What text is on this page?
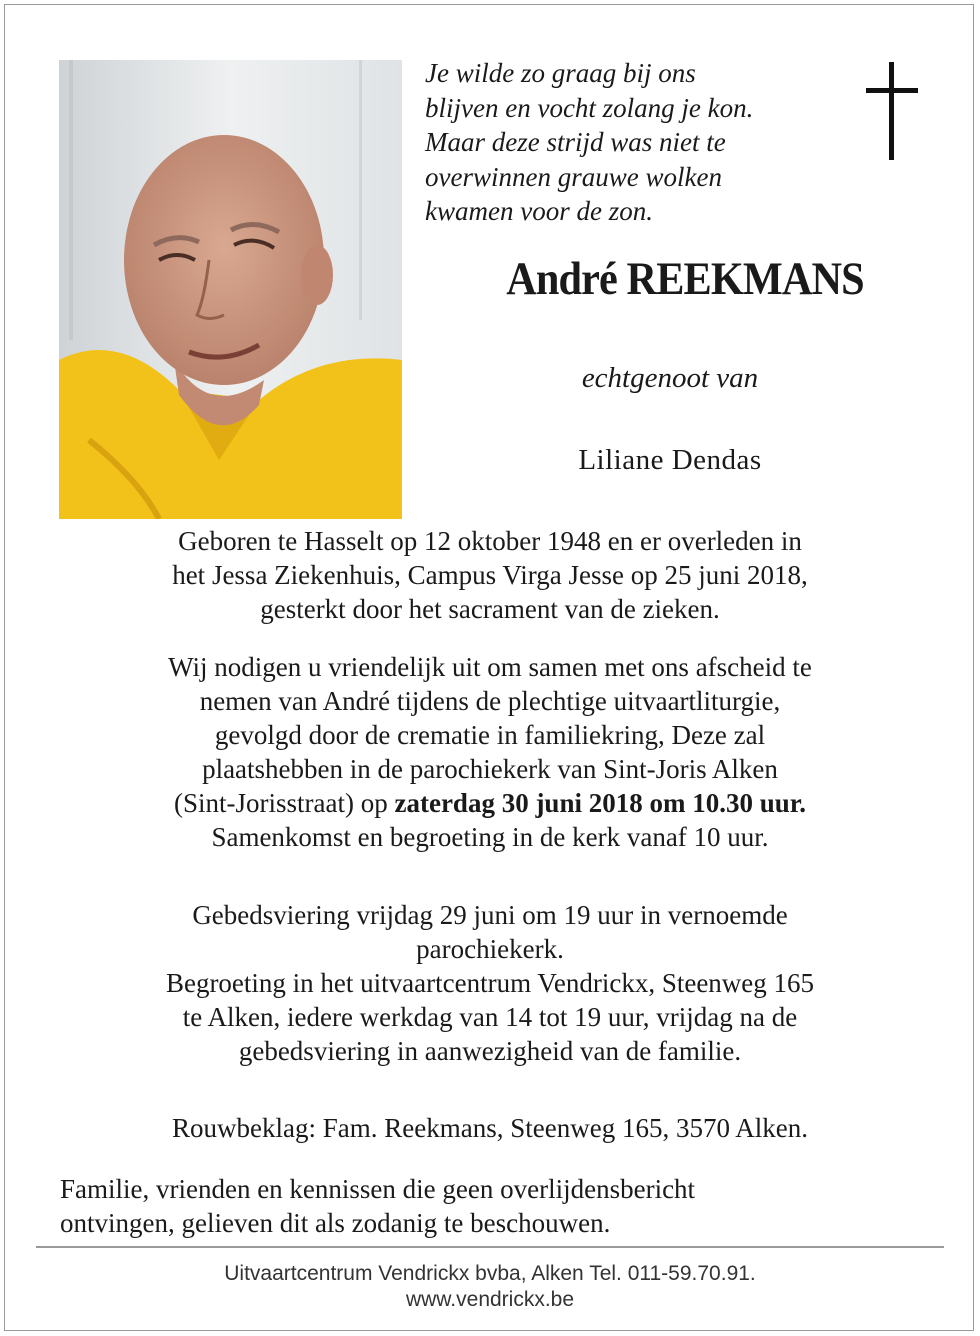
Je wilde zo graag bij ons
blijven en vocht zolang je kon.
Maar deze strijd was niet te
overwinnen grauwe wolken
kwamen voor de zon.
André REEKMANS
echtgenoot van
Liliane Dendas
Geboren te Hasselt op 12 oktober 1948 en er overleden in
het Jessa Ziekenhuis, Campus Virga Jesse op 25 juni 2018,
gesterkt door het sacrament van de zieken.
Wij nodigen u vriendelijk uit om samen met ons afscheid te
nemen van André tijdens de plechtige uitvaartliturgie,
gevolgd door de crematie in familiekring, Deze zal
plaatshebben in de parochiekerk van Sint-Joris Alken
(Sint-Jorisstraat) op zaterdag 30 juni 2018 om 10.30 uur.
Samenkomst en begroeting in de kerk vanaf 10 uur.
Gebedsviering vrijdag 29 juni om 19 uur in vernoemde
parochiekerk.
Begroeting in het uitvaartcentrum Vendrickx, Steenweg 165
te Alken, iedere werkdag van 14 tot 19 uur, vrijdag na de
gebedsviering in aanwezigheid van de familie.
Rouwbeklag: Fam. Reekmans, Steenweg 165, 3570 Alken.
Familie, vrienden en kennissen die geen overlijdensbericht
ontvingen, gelieven dit als zodanig te beschouwen.
Uitvaartcentrum Vendrickx bvba, Alken Tel. 011-59.70.91.
www.vendrickx.be
